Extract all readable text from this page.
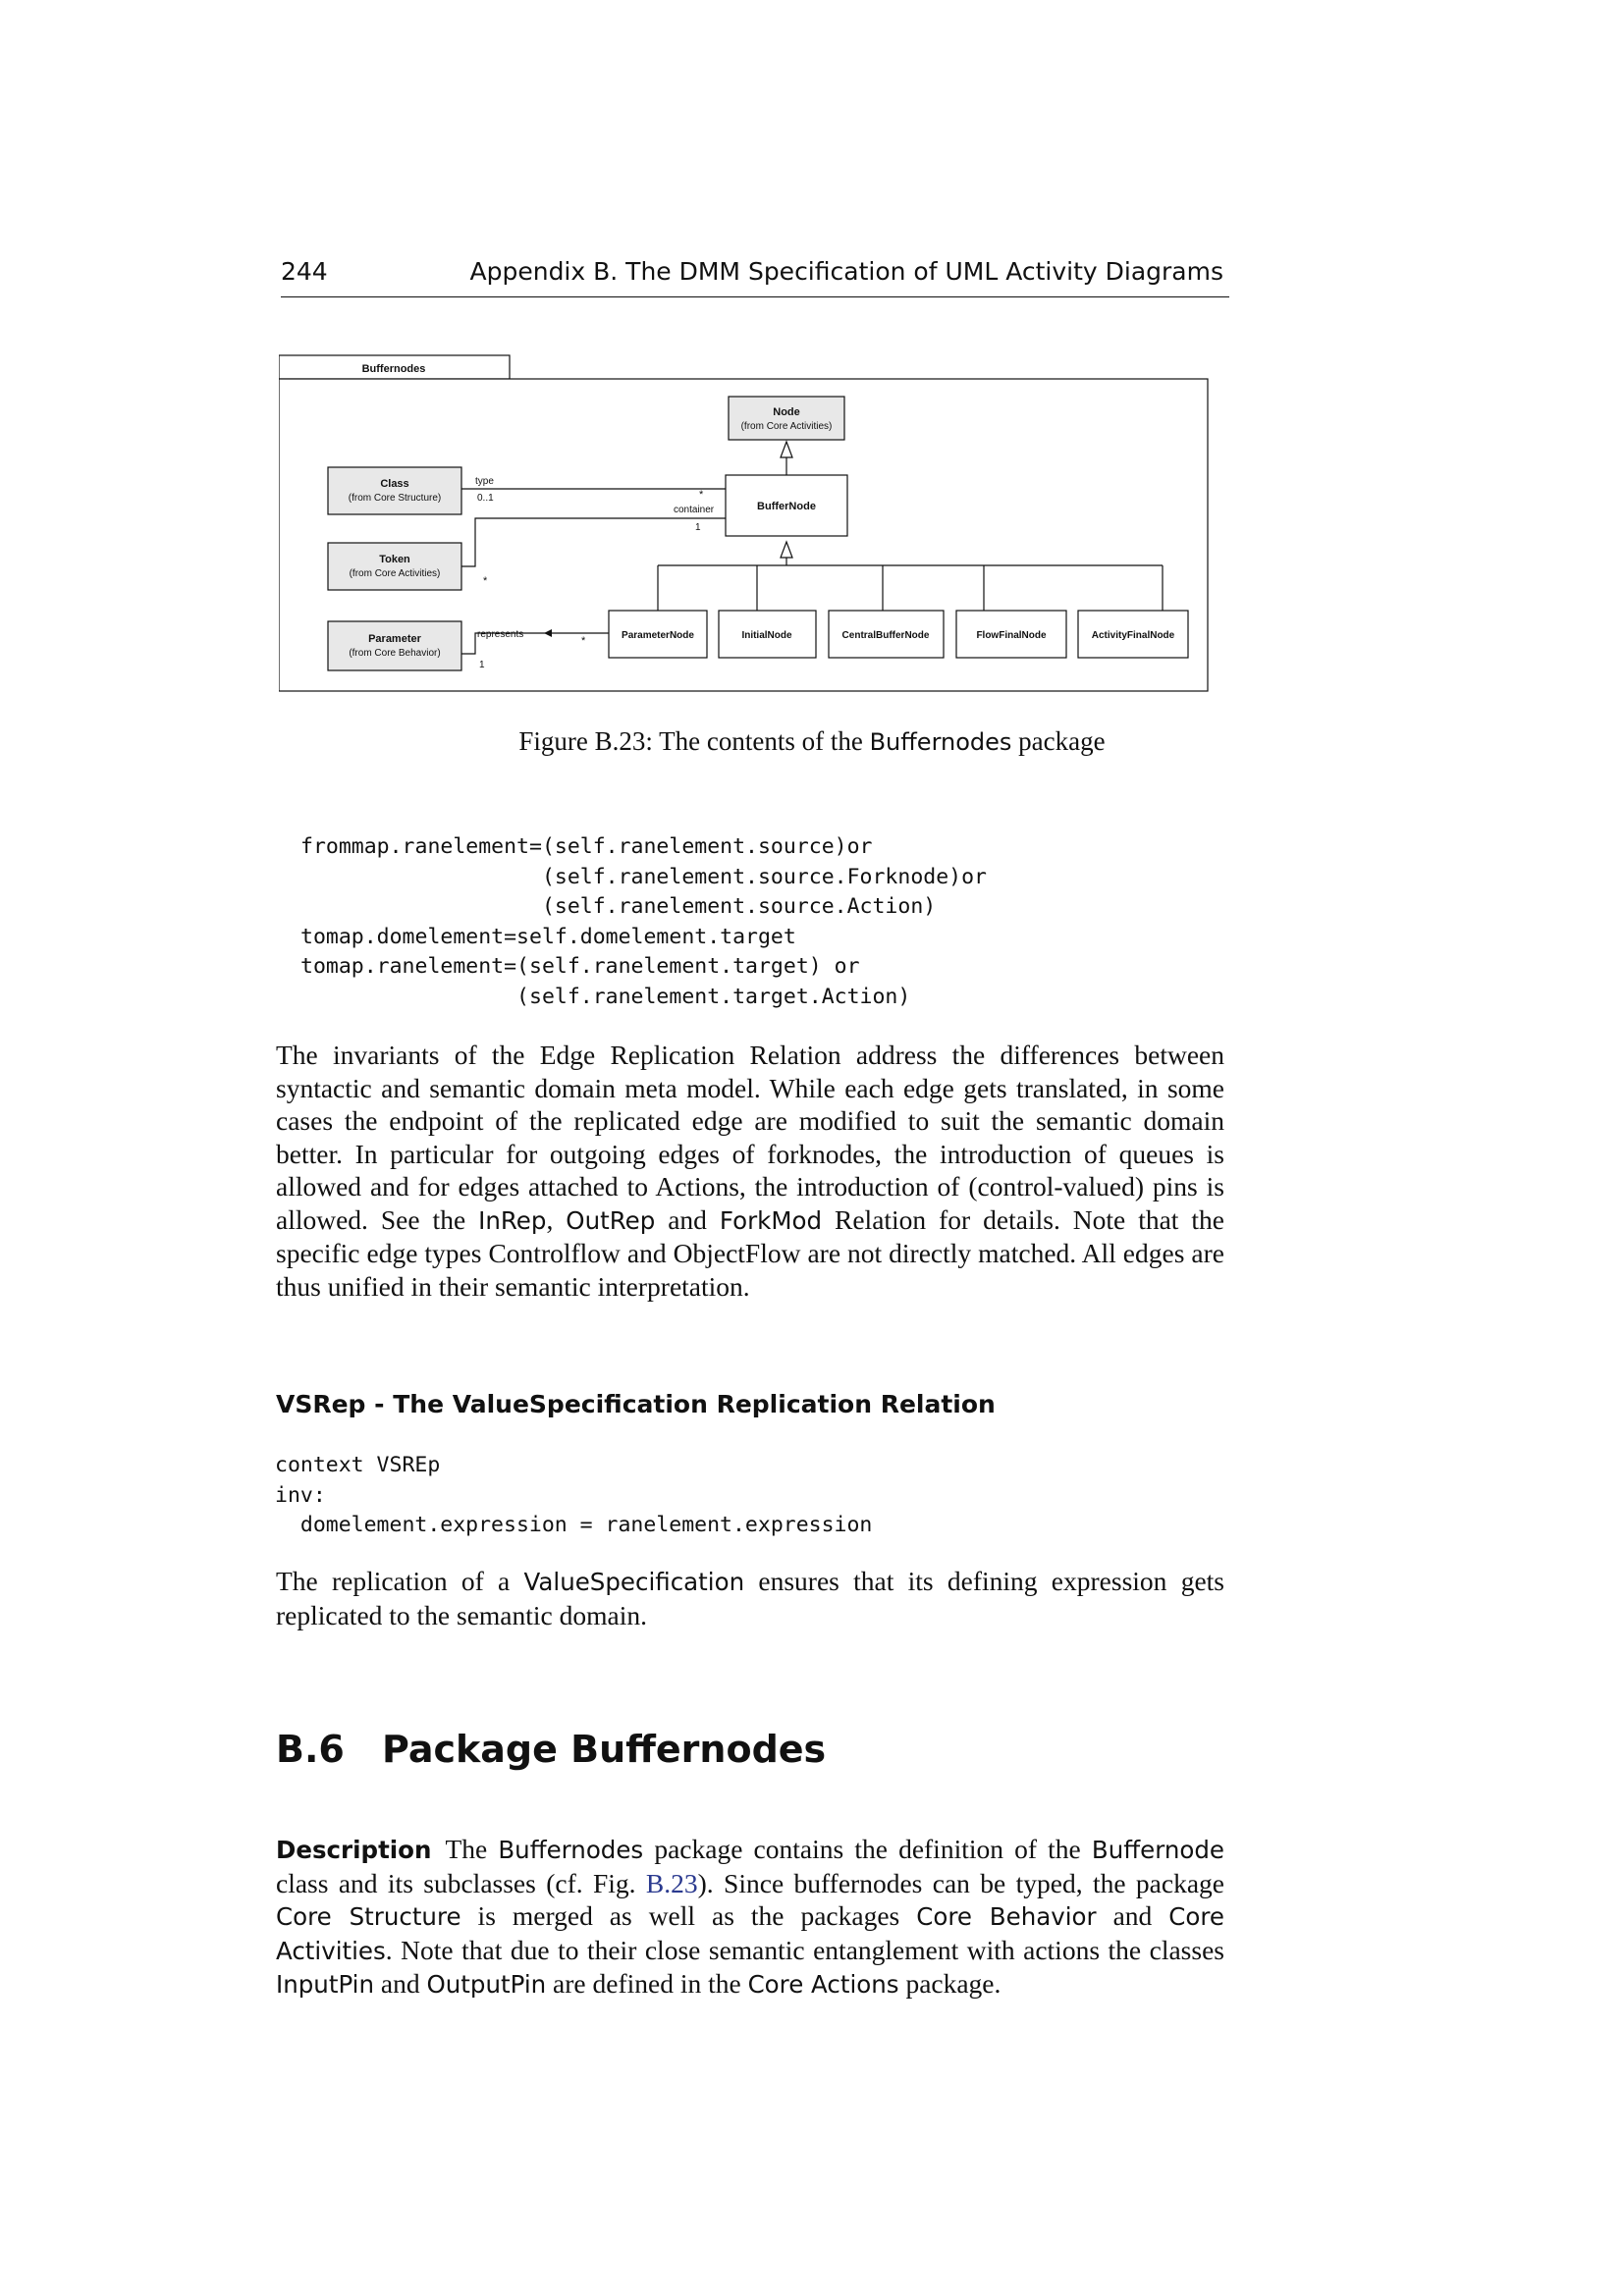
244	Appendix B. The DMM Specification of UML Activity Diagrams
Buffernodes
Node
(from Core Activities)
BufferNode
Class
(from Core Structure)
Token
(from Core Activities)
Parameter
(from Core Behavior)
type
0..1	*
container
1
*
ParameterNode	InitialNode	CentralBufferNode	FlowFinalNode	ActivityFinalNode
represents
*
1
Figure B.23: The contents of the Buffernodes package
frommap.ranelement=(self.ranelement.source)or
(self.ranelement.source.Forknode)or
(self.ranelement.source.Action)
tomap.domelement=self.domelement.target
tomap.ranelement=(self.ranelement.target) or
(self.ranelement.target.Action)

The invariants of the Edge Replication Relation address the differences between syntactic and semantic domain meta model. While each edge gets translated, in some cases the endpoint of the replicated edge are modified to suit the semantic domain better. In particular for outgoing edges of forknodes, the introduction of queues is allowed and for edges attached to Actions, the introduction of (control-valued) pins is allowed. See the InRep, OutRep and ForkMod Relation for details. Note that the specific edge types Controlflow and ObjectFlow are not directly matched. All edges are thus unified in their semantic interpretation.

VSRep - The ValueSpecification Replication Relation
context VSREp
inv:
domelement.expression = ranelement.expression

The replication of a ValueSpecification ensures that its defining expression gets replicated to the semantic domain.

B.6 Package Buffernodes

Description The Buffernodes package contains the definition of the Buffernode class and its subclasses (cf. Fig. B.23). Since buffernodes can be typed, the package Core Structure is merged as well as the packages Core Behavior and Core Activities. Note that due to their close semantic entanglement with actions the classes InputPin and OutputPin are defined in the Core Actions package.
